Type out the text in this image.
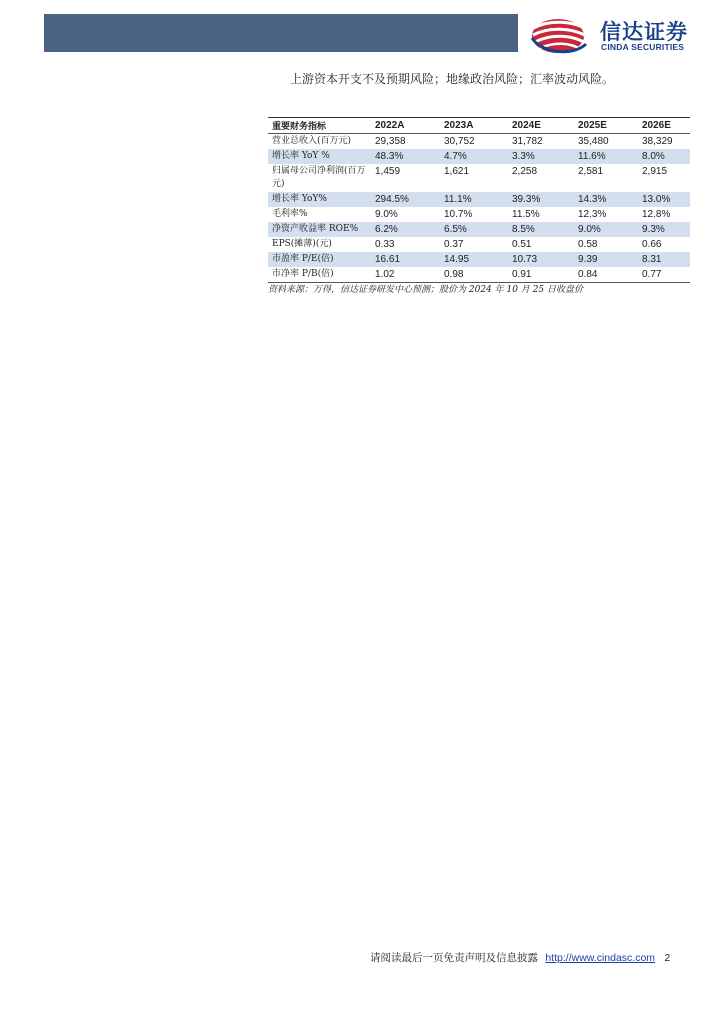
信达证券
CINDA SECURITIES
上游资本开支不及预期风险；地缘政治风险；汇率波动风险。
重要财务指标	2022A	2023A	2024E	2025E	2026E
营业总收入(百万元)	29,358	30,752	31,782	35,480	38,329
增长率 YoY %	48.3%	4.7%	3.3%	11.6%	8.0%
归属母公司净利润(百万元)	1,459	1,621	2,258	2,581	2,915
增长率 YoY%	294.5%	11.1%	39.3%	14.3%	13.0%
毛利率%	9.0%	10.7%	11.5%	12.3%	12.8%
净资产收益率 ROE%	6.2%	6.5%	8.5%	9.0%	9.3%
EPS(摊薄)(元)	0.33	0.37	0.51	0.58	0.66
市盈率 P/E(倍)	16.61	14.95	10.73	9.39	8.31
市净率 P/B(倍)	1.02	0.98	0.91	0.84	0.77
资料来源：万得，信达证券研发中心预测；股价为 2024 年 10 月 25 日收盘价
请阅读最后一页免责声明及信息披露 http://www.cindasc.com 2
